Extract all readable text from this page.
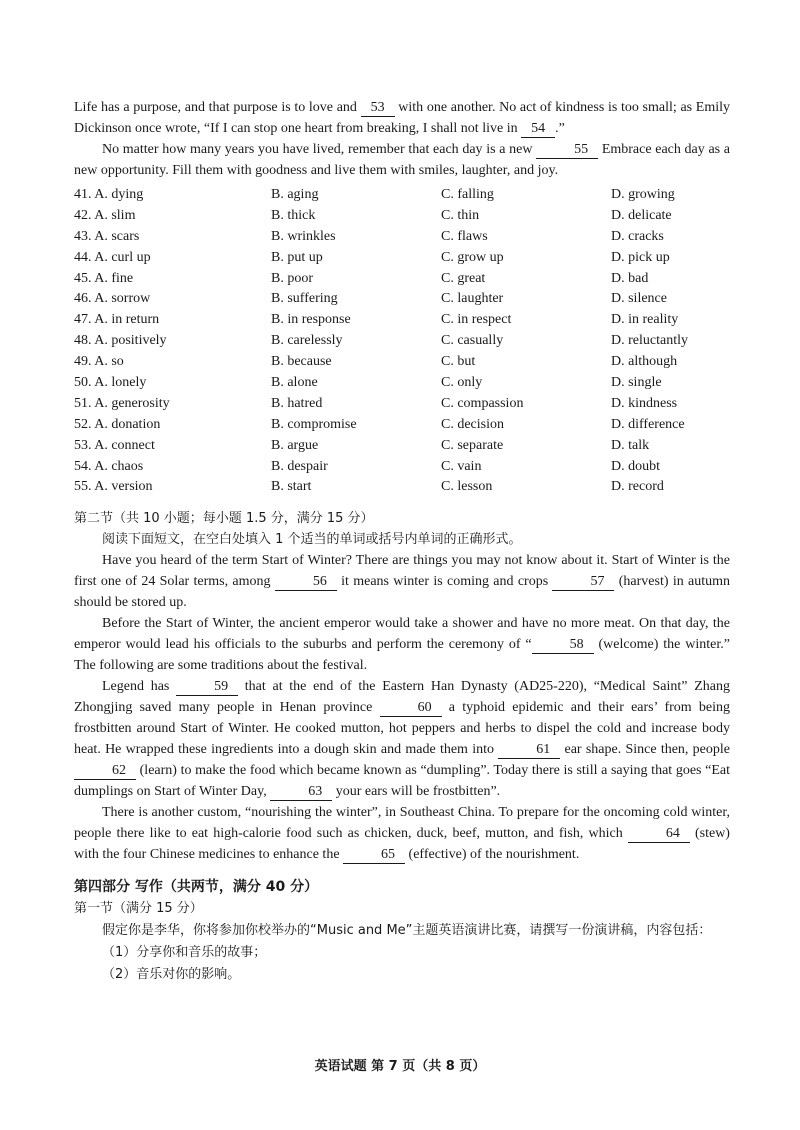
Life has a purpose, and that purpose is to love and 53 with one another. No act of kindness is too small; as Emily Dickinson once wrote, “If I can stop one heart from breaking, I shall not live in 54 .”

No matter how many years you have lived, remember that each day is a new	55 Embrace each day as a new opportunity. Fill them with goodness and live them with smiles, laughter, and joy.

41. A. dying	B. aging	C. falling	D. growing
42. A. slim	B. thick	C. thin	D. delicate
43. A. scars	B. wrinkles	C. flaws	D. cracks
44. A. curl up	B. put up	C. grow up	D. pick up
45. A. fine	B. poor	C. great	D. bad
46. A. sorrow	B. suffering	C. laughter	D. silence
47. A. in return	B. in response	C. in respect	D. in reality
48. A. positively	B. carelessly	C. casually	D. reluctantly
49. A. so	B. because	C. but	D. although
50. A. lonely	B. alone	C. only	D. single
51. A. generosity	B. hatred	C. compassion	D. kindness
52. A. donation	B. compromise	C. decision	D. difference
53. A. connect	B. argue	C. separate	D. talk
54. A. chaos	B. despair	C. vain	D. doubt
55. A. version	B. start	C. lesson	D. record

第二节（共 10 小题；每小题 1.5 分，满分 15 分）

阅读下面短文，在空白处填入 1 个适当的单词或括号内单词的正确形式。

Have you heard of the term Start of Winter? There are things you may not know about it. Start of Winter is the first one of 24 Solar terms, among	56 it means winter is coming and crops	57 (harvest) in autumn should be stored up.

Before the Start of Winter, the ancient emperor would take a shower and have no more meat. On that day, the emperor would lead his officials to the suburbs and perform the ceremony of “	58 (welcome) the winter.” The following are some traditions about the festival.

Legend has	59 that at the end of the Eastern Han Dynasty (AD25-220), “Medical Saint” Zhang Zhongjing saved many people in Henan province	60 a typhoid epidemic and their ears’ from being frostbitten around Start of Winter. He cooked mutton, hot peppers and herbs to dispel the cold and increase body heat. He wrapped these ingredients into a dough skin and made them into	61 ear shape. Since then, people 62 (learn) to make the food which became known as “dumpling”. Today there is still a saying that goes “Eat dumplings on Start of Winter Day,	63 your ears will be frostbitten”.

There is another custom, “nourishing the winter”, in Southeast China. To prepare for the oncoming cold winter, people there like to eat high-calorie food such as chicken, duck, beef, mutton, and fish, which	64 (stew) with the four Chinese medicines to enhance the	65 (effective) of the nourishment.

第四部分 写作（共两节，满分 40 分）

第一节（满分 15 分）

假定你是李华，你将参加你校举办的“Music and Me”主题英语演讲比赛，请撰写一份演讲稿，内容包括：

（1）分享你和音乐的故事；

（2）音乐对你的影响。

英语试题 第 7 页（共 8 页）
